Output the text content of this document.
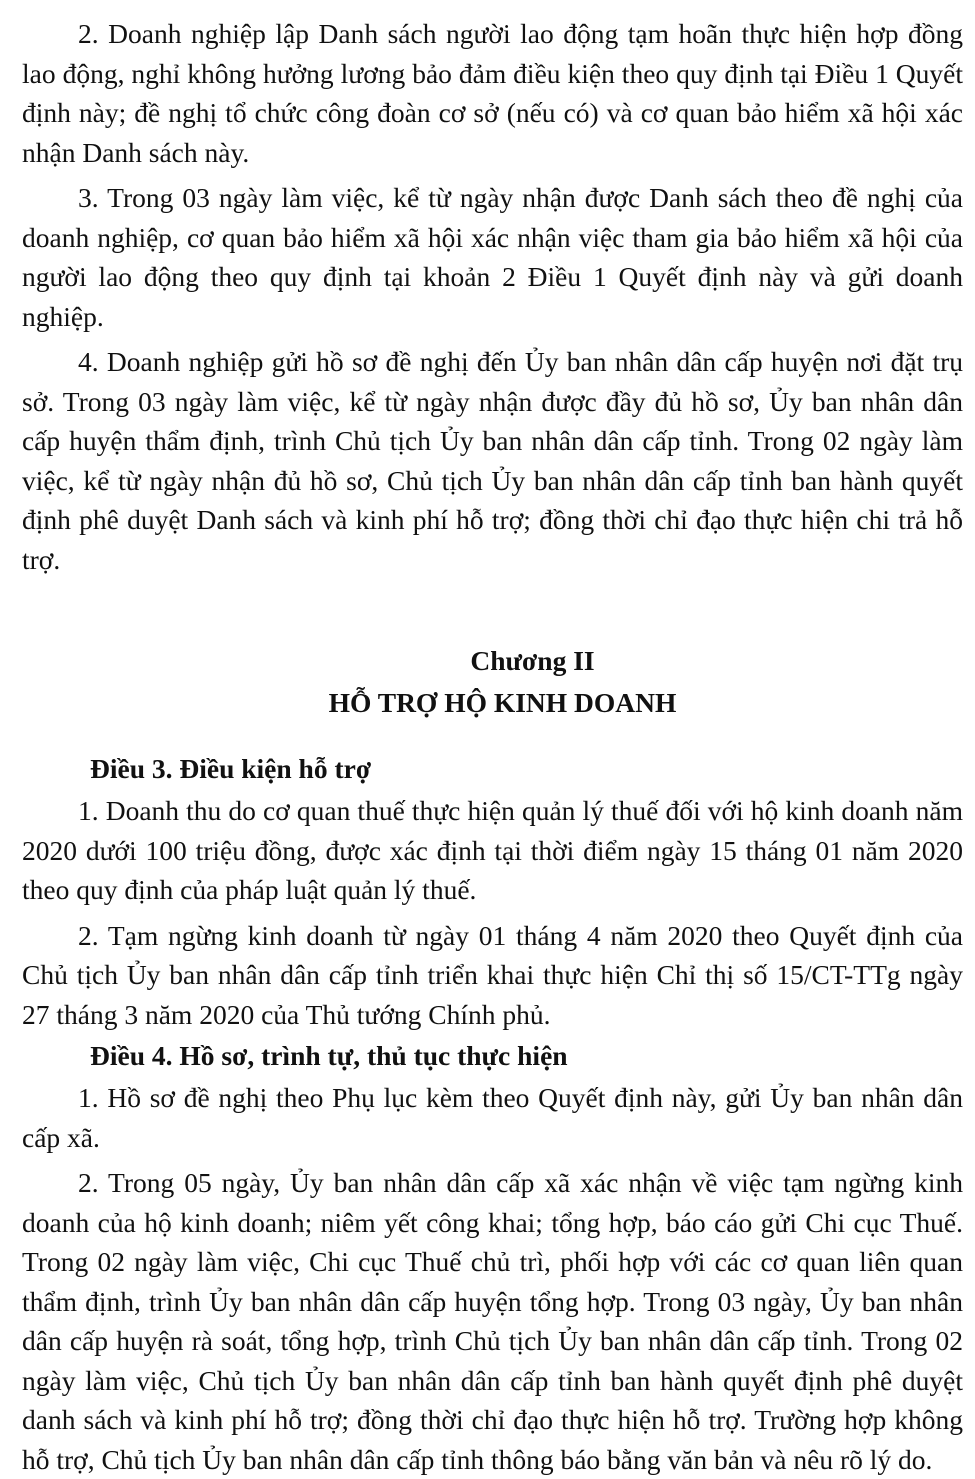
2. Doanh nghiệp lập Danh sách người lao động tạm hoãn thực hiện hợp đồng lao động, nghỉ không hưởng lương bảo đảm điều kiện theo quy định tại Điều 1 Quyết định này; đề nghị tổ chức công đoàn cơ sở (nếu có) và cơ quan bảo hiểm xã hội xác nhận Danh sách này.

3. Trong 03 ngày làm việc, kể từ ngày nhận được Danh sách theo đề nghị của doanh nghiệp, cơ quan bảo hiểm xã hội xác nhận việc tham gia bảo hiểm xã hội của người lao động theo quy định tại khoản 2 Điều 1 Quyết định này và gửi doanh nghiệp.

4. Doanh nghiệp gửi hồ sơ đề nghị đến Ủy ban nhân dân cấp huyện nơi đặt trụ sở. Trong 03 ngày làm việc, kể từ ngày nhận được đầy đủ hồ sơ, Ủy ban nhân dân cấp huyện thẩm định, trình Chủ tịch Ủy ban nhân dân cấp tỉnh. Trong 02 ngày làm việc, kể từ ngày nhận đủ hồ sơ, Chủ tịch Ủy ban nhân dân cấp tỉnh ban hành quyết định phê duyệt Danh sách và kinh phí hỗ trợ; đồng thời chỉ đạo thực hiện chi trả hỗ trợ.

Chương II

HỖ TRỢ HỘ KINH DOANH

Điều 3. Điều kiện hỗ trợ

1. Doanh thu do cơ quan thuế thực hiện quản lý thuế đối với hộ kinh doanh năm 2020 dưới 100 triệu đồng, được xác định tại thời điểm ngày 15 tháng 01 năm 2020 theo quy định của pháp luật quản lý thuế.

2. Tạm ngừng kinh doanh từ ngày 01 tháng 4 năm 2020 theo Quyết định của Chủ tịch Ủy ban nhân dân cấp tỉnh triển khai thực hiện Chỉ thị số 15/CT-TTg ngày 27 tháng 3 năm 2020 của Thủ tướng Chính phủ.

Điều 4. Hồ sơ, trình tự, thủ tục thực hiện

1. Hồ sơ đề nghị theo Phụ lục kèm theo Quyết định này, gửi Ủy ban nhân dân cấp xã.

2. Trong 05 ngày, Ủy ban nhân dân cấp xã xác nhận về việc tạm ngừng kinh doanh của hộ kinh doanh; niêm yết công khai; tổng hợp, báo cáo gửi Chi cục Thuế. Trong 02 ngày làm việc, Chi cục Thuế chủ trì, phối hợp với các cơ quan liên quan thẩm định, trình Ủy ban nhân dân cấp huyện tổng hợp. Trong 03 ngày, Ủy ban nhân dân cấp huyện rà soát, tổng hợp, trình Chủ tịch Ủy ban nhân dân cấp tỉnh. Trong 02 ngày làm việc, Chủ tịch Ủy ban nhân dân cấp tỉnh ban hành quyết định phê duyệt danh sách và kinh phí hỗ trợ; đồng thời chỉ đạo thực hiện hỗ trợ. Trường hợp không hỗ trợ, Chủ tịch Ủy ban nhân dân cấp tỉnh thông báo bằng văn bản và nêu rõ lý do.
